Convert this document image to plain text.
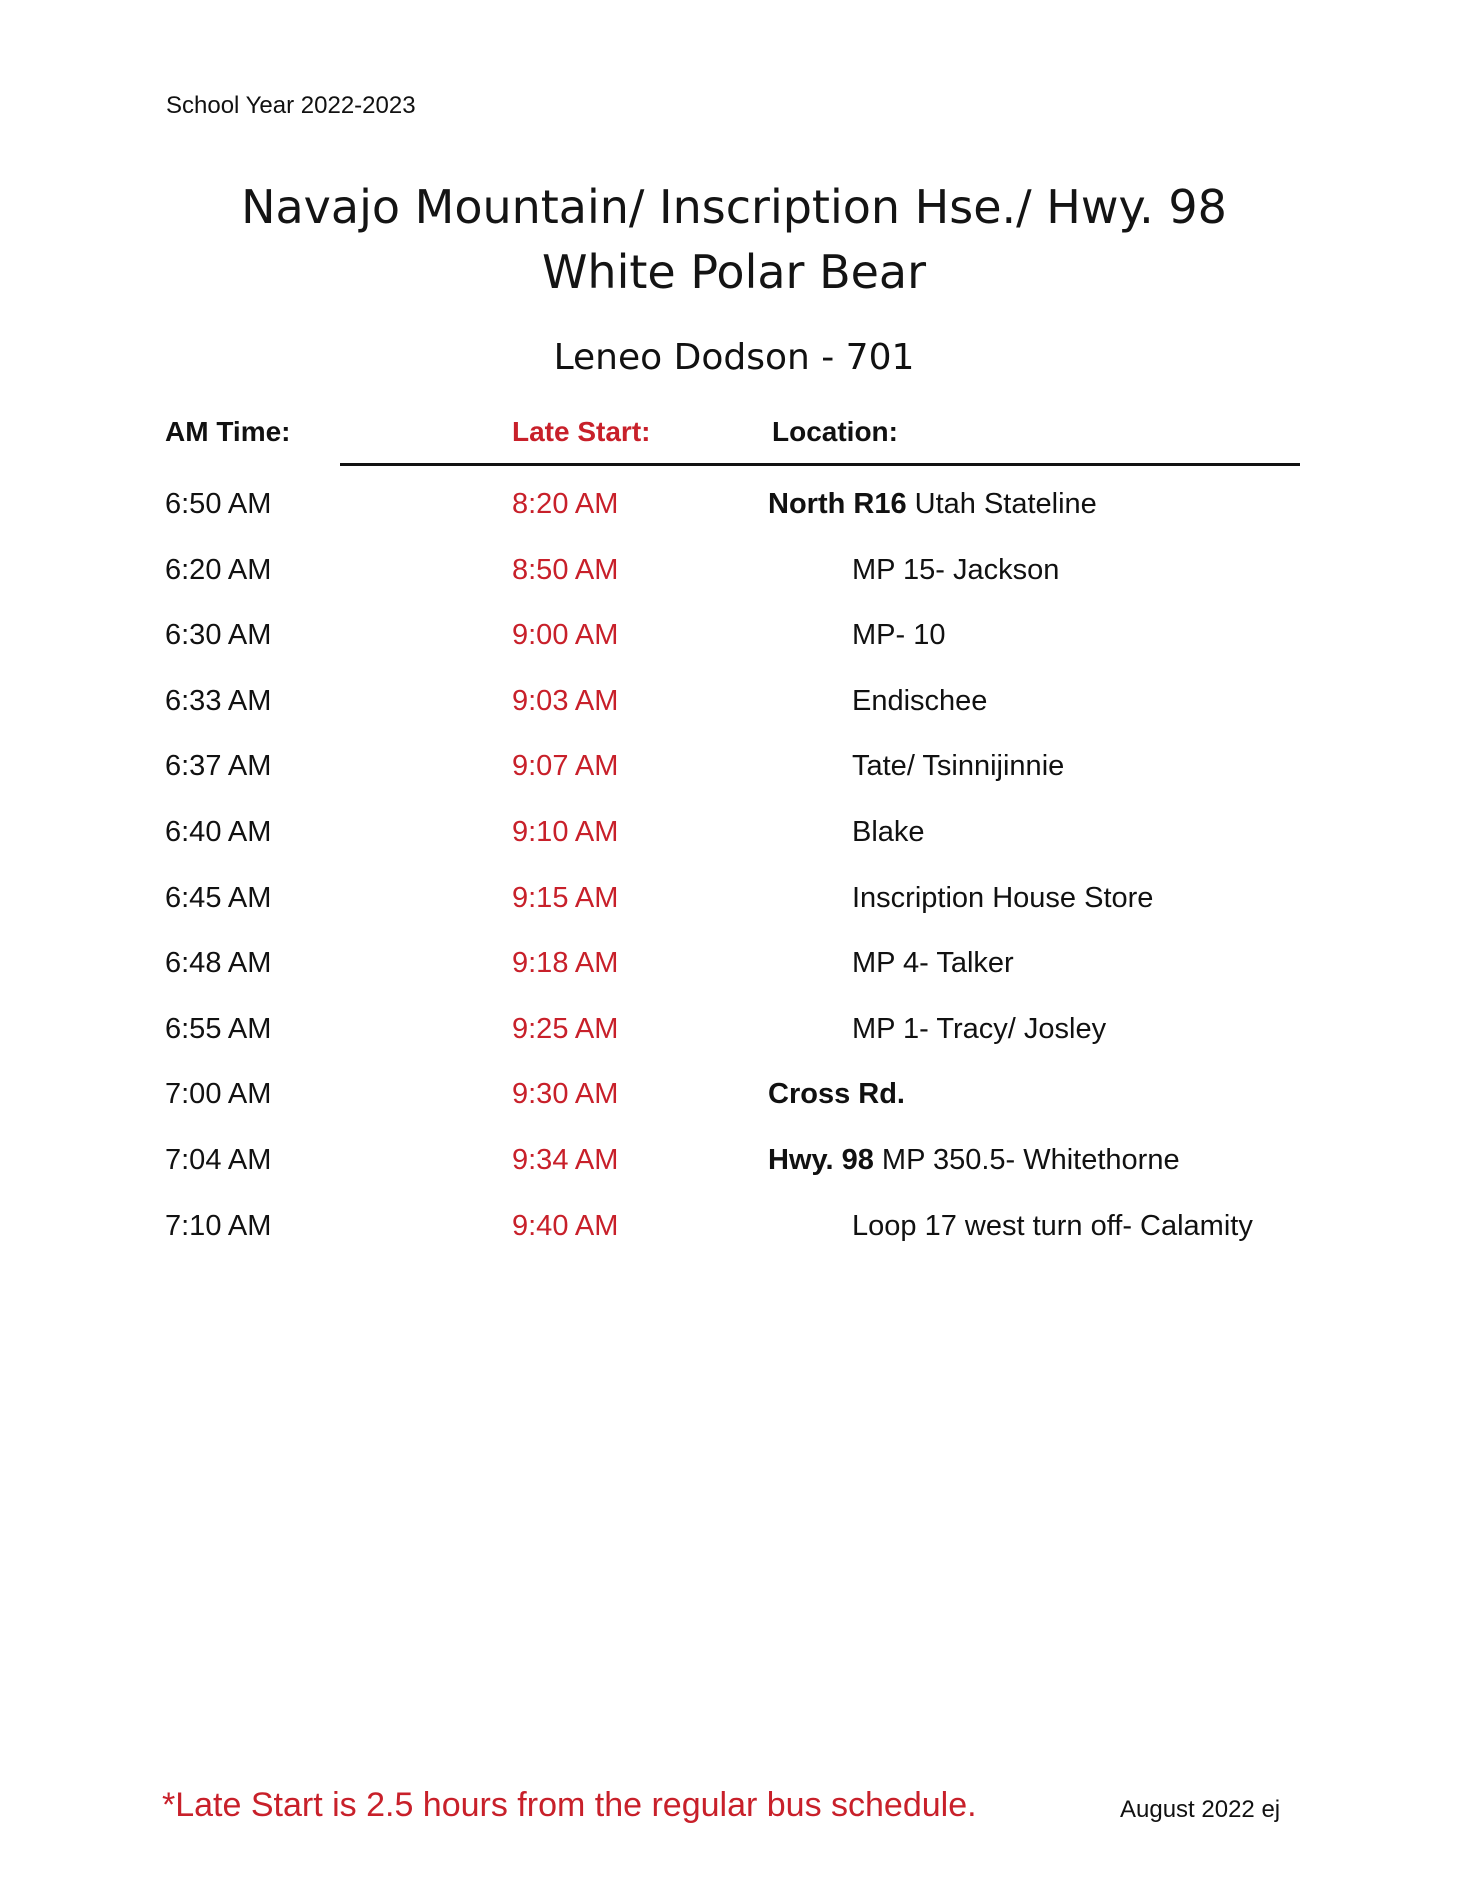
School Year 2022-2023
Navajo Mountain/ Inscription Hse./ Hwy. 98
White Polar Bear
Leneo Dodson - 701
AM Time:	Late Start:	Location:
6:50 AM	8:20 AM	North R16 Utah Stateline
6:20 AM	8:50 AM	MP 15- Jackson
6:30 AM	9:00 AM	MP- 10
6:33 AM	9:03 AM	Endischee
6:37 AM	9:07 AM	Tate/ Tsinnijinnie
6:40 AM	9:10 AM	Blake
6:45 AM	9:15 AM	Inscription House Store
6:48 AM	9:18 AM	MP 4- Talker
6:55 AM	9:25 AM	MP 1- Tracy/ Josley
7:00 AM	9:30 AM	Cross Rd.
7:04 AM	9:34 AM	Hwy. 98 MP 350.5- Whitethorne
7:10 AM	9:40 AM	Loop 17 west turn off- Calamity
*Late Start is 2.5 hours from the regular bus schedule.	August 2022 ej
